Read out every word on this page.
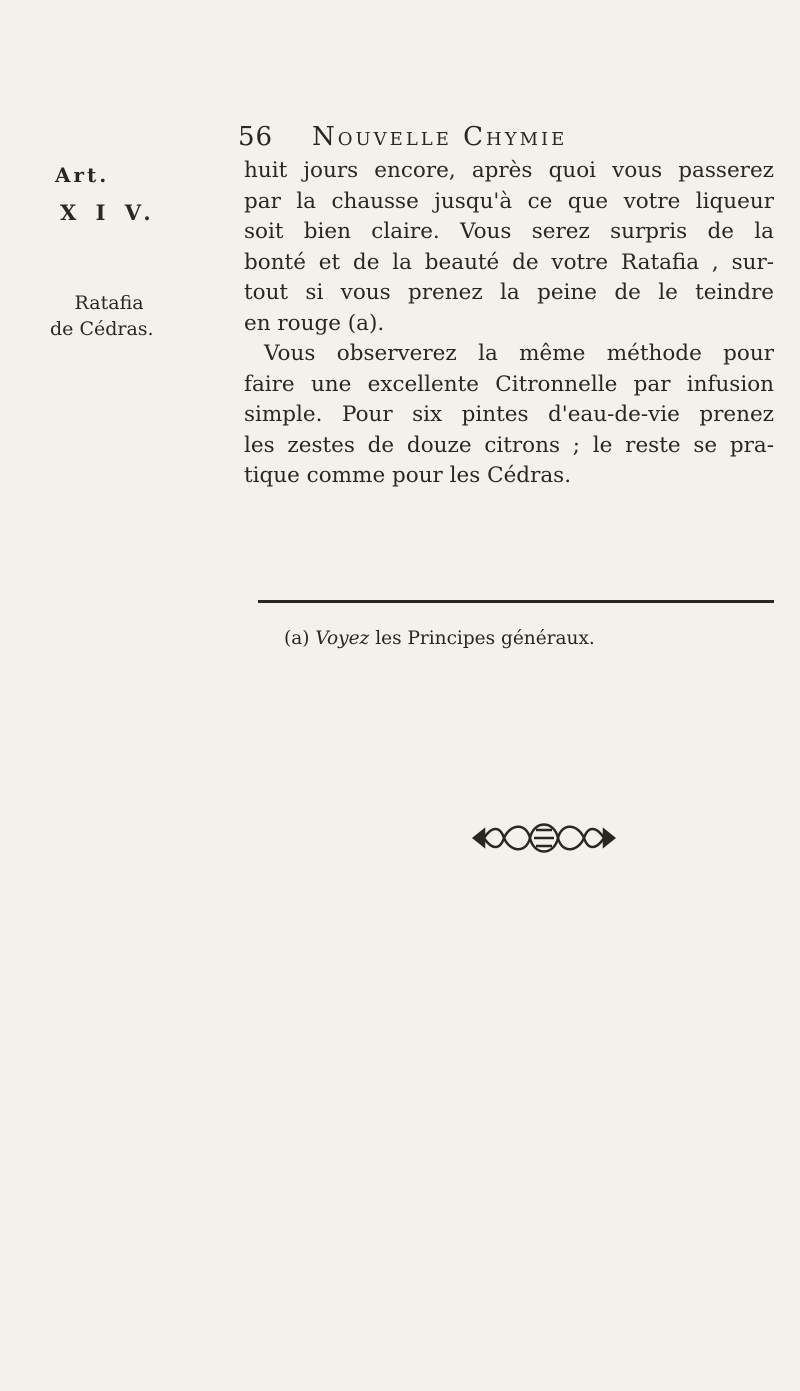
56 Nouvelle Chymie
Art.
X I V.
Ratafia
de Cédras.
huit jours encore, après quoi vous passerez
par la chausse jusqu'à ce que votre liqueur
soit bien claire. Vous serez surpris de la
bonté et de la beauté de votre Ratafia , sur-
tout si vous prenez la peine de le teindre
en rouge (a).
Vous observerez la même méthode pour
faire une excellente Citronnelle par infusion
simple. Pour six pintes d'eau-de-vie prenez
les zestes de douze citrons ; le reste se pra-
tique comme pour les Cédras.
(a) Voyez les Principes généraux.
